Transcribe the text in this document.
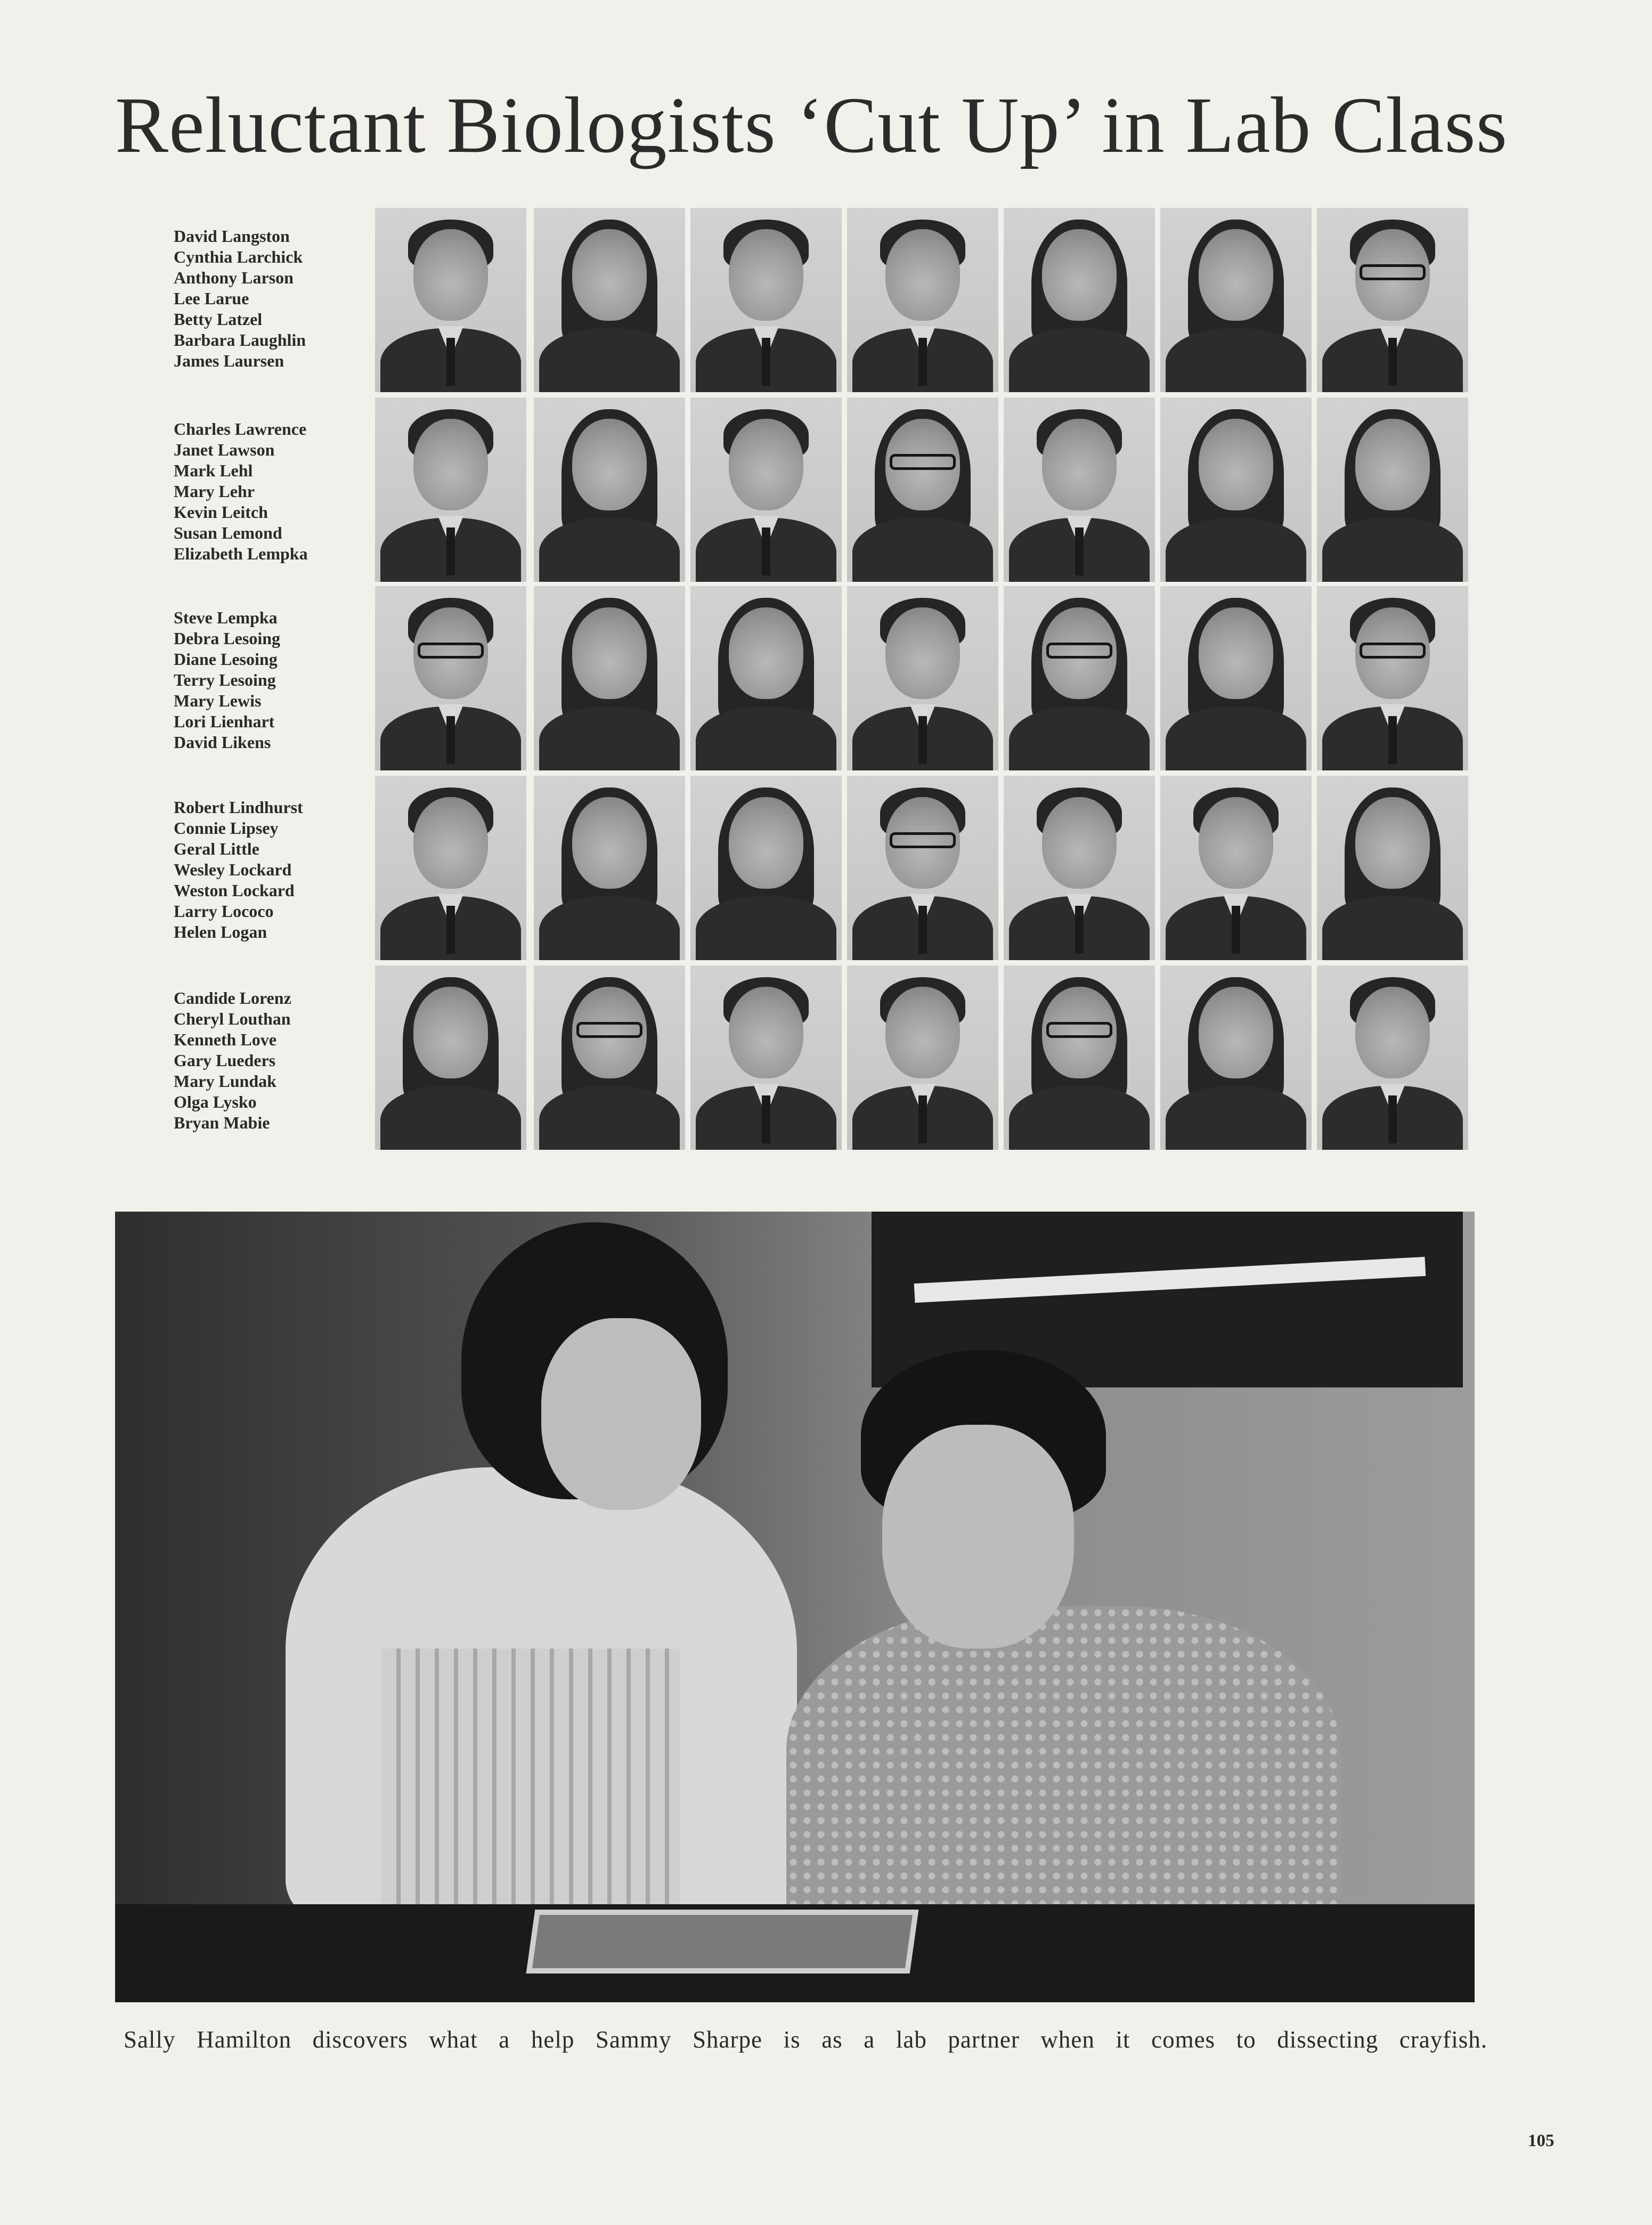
Reluctant Biologists ‘Cut Up’ in Lab Class
David Langston
Cynthia Larchick
Anthony Larson
Lee Larue
Betty Latzel
Barbara Laughlin
James Laursen
Charles Lawrence
Janet Lawson
Mark Lehl
Mary Lehr
Kevin Leitch
Susan Lemond
Elizabeth Lempka
Steve Lempka
Debra Lesoing
Diane Lesoing
Terry Lesoing
Mary Lewis
Lori Lienhart
David Likens
Robert Lindhurst
Connie Lipsey
Geral Little
Wesley Lockard
Weston Lockard
Larry Lococo
Helen Logan
Candide Lorenz
Cheryl Louthan
Kenneth Love
Gary Lueders
Mary Lundak
Olga Lysko
Bryan Mabie
Sally Hamilton discovers what a help Sammy Sharpe is as a lab partner when it comes to dissecting crayfish.
105
